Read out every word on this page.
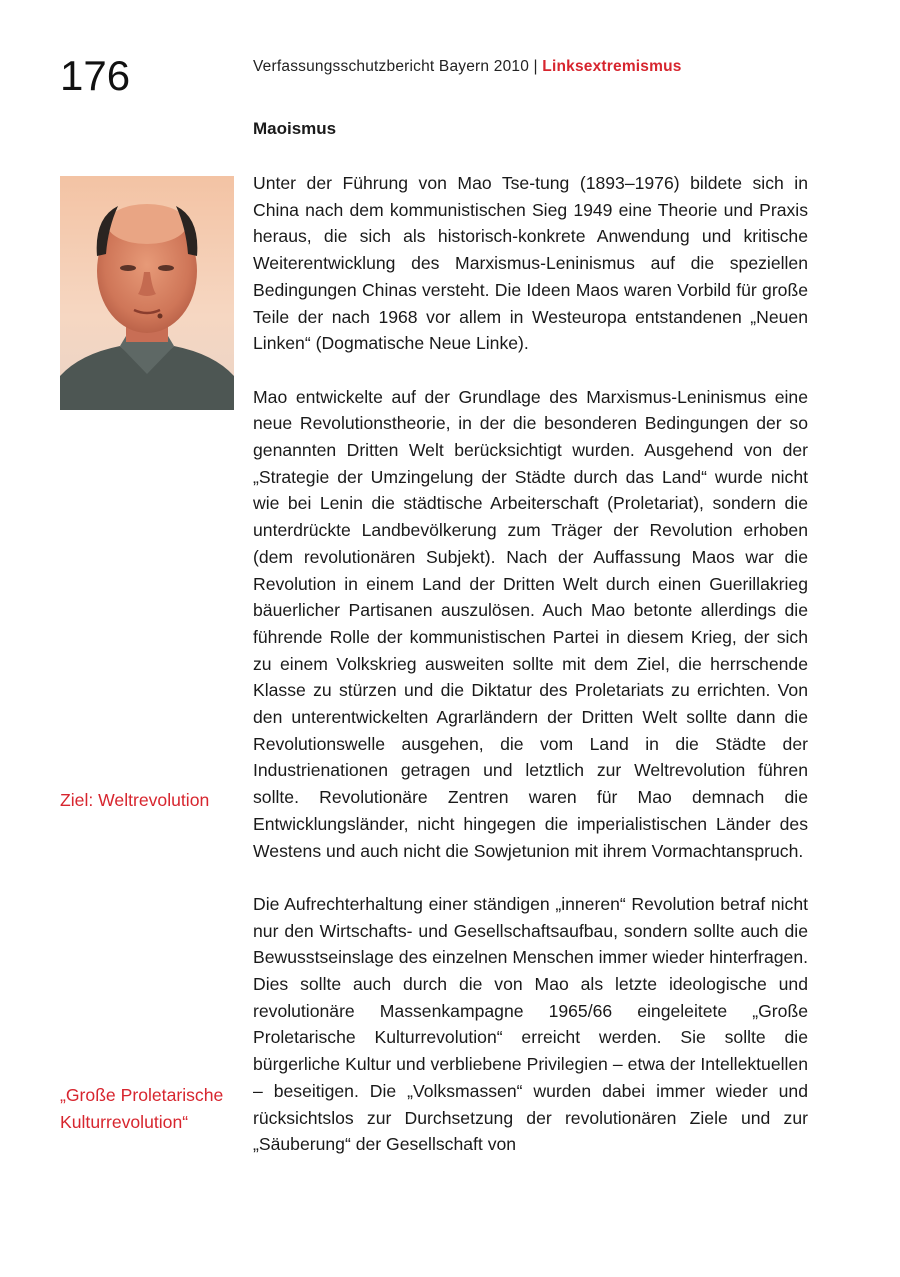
176	Verfassungsschutzbericht Bayern 2010 | Linksextremismus
Maoismus

Unter der Führung von Mao Tse-tung (1893–1976) bildete sich in China nach dem kommunistischen Sieg 1949 eine Theorie und Praxis heraus, die sich als historisch-konkrete Anwendung und kritische Weiterentwicklung des Marxismus-Leninismus auf die speziellen Bedingungen Chinas versteht. Die Ideen Maos waren Vorbild für große Teile der nach 1968 vor allem in Westeuropa entstandenen „Neuen Linken“ (Dogmatische Neue Linke).

Mao entwickelte auf der Grundlage des Marxismus-Leninismus eine neue Revolutionstheorie, in der die besonderen Bedingungen der so genannten Dritten Welt berücksichtigt wurden. Ausgehend von der „Strategie der Umzingelung der Städte durch das Land“ wurde nicht wie bei Lenin die städtische Arbeiterschaft (Proletariat), sondern die unterdrückte Landbevölkerung zum Träger der Revolution erhoben (dem revolutionären Subjekt). Nach der Auffassung Maos war die Revolution in einem Land der Dritten Welt durch einen Guerillakrieg bäuerlicher Partisanen auszulösen. Auch Mao betonte allerdings die führende Rolle der kommunistischen Partei in diesem Krieg, der sich zu einem Volkskrieg ausweiten sollte mit dem Ziel, die herrschende Klasse zu stürzen und die Diktatur des Proletariats zu errichten. Von den unterentwickelten Agrarländern der Dritten Welt sollte dann die Revolutionswelle ausgehen, die vom Land in die Städte der Industrienationen getragen und letztlich zur Weltrevolution führen sollte. Revolutionäre Zentren waren für Mao demnach die Entwicklungsländer, nicht hingegen die imperialistischen Länder des Westens und auch nicht die Sowjetunion mit ihrem Vormachtanspruch.

Die Aufrechterhaltung einer ständigen „inneren“ Revolution betraf nicht nur den Wirtschafts- und Gesellschaftsaufbau, sondern sollte auch die Bewusstseinslage des einzelnen Menschen immer wieder hinterfragen. Dies sollte auch durch die von Mao als letzte ideologische und revolutionäre Massenkampagne 1965/66 eingeleitete „Große Proletarische Kulturrevolution“ erreicht werden. Sie sollte die bürgerliche Kultur und verbliebene Privilegien – etwa der Intellektuellen – beseitigen. Die „Volksmassen“ wurden dabei immer wieder und rücksichtslos zur Durchsetzung der revolutionären Ziele und zur „Säuberung“ der Gesellschaft von

Ziel: Weltrevolution
„Große Proletarische Kulturrevolution“
